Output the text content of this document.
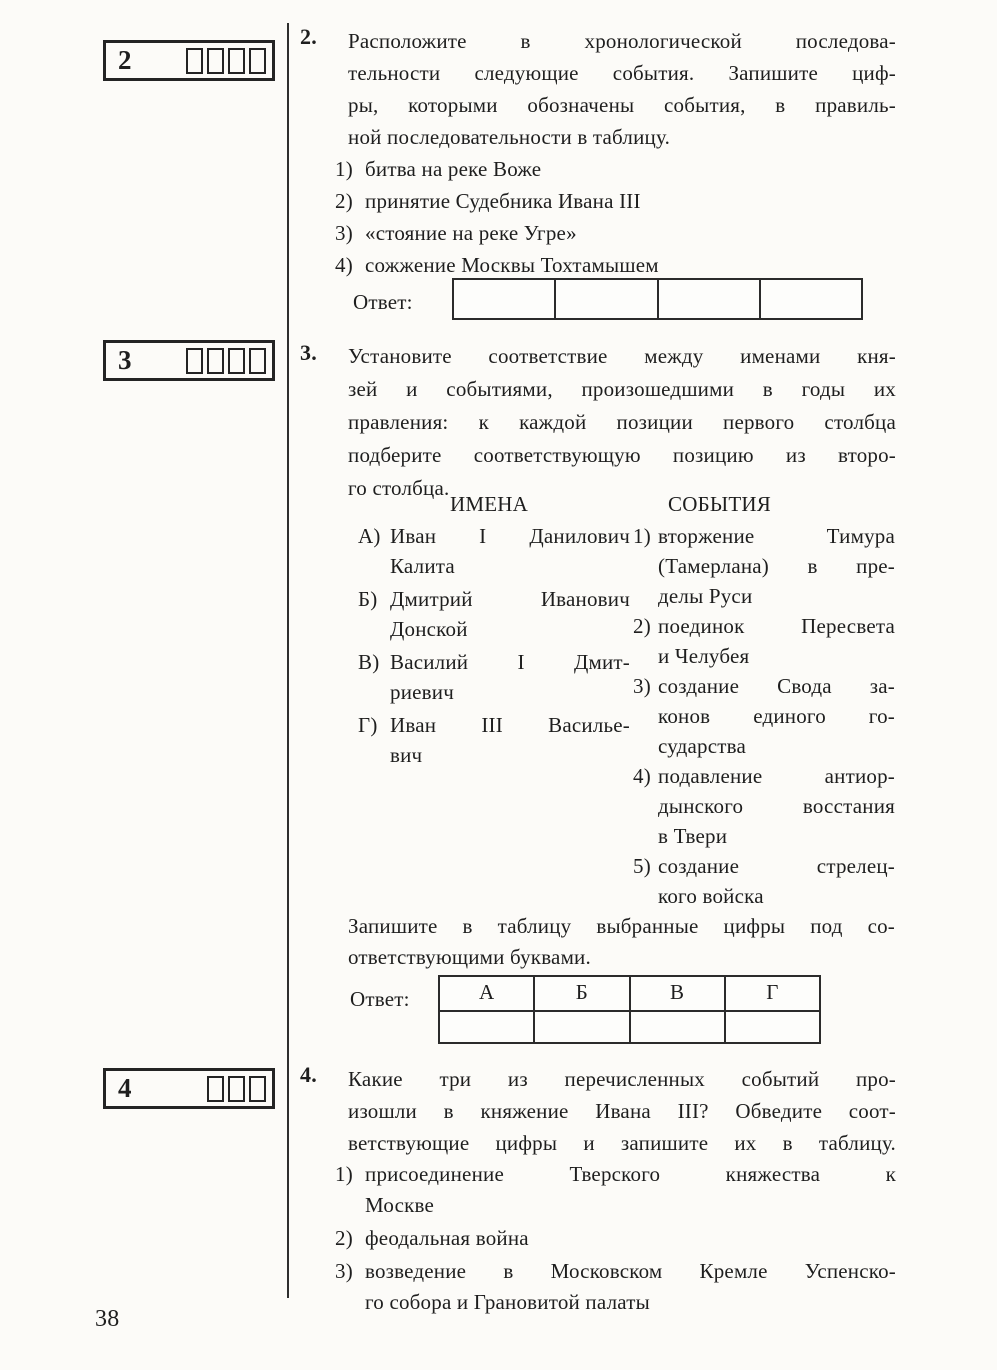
2
3
4
2.	Расположите в хронологической последова-
тельности следующие события. Запишите циф-
ры, которыми обозначены события, в правиль-
ной последовательности в таблицу.
1) битва на реке Воже
2) принятие Судебника Ивана III
3) «стояние на реке Угре»
4) сожжение Москвы Тохтамышем
Ответ:
3.	Установите соответствие между именами кня-
зей и событиями, произошедшими в годы их
правления: к каждой позиции первого столбца
подберите соответствующую позицию из второ-
го столбца.
ИМЕНА	СОБЫТИЯ
А) Иван I Данилович
Калита
Б) Дмитрий Иванович
Донской
В) Василий I Дмит-
риевич
Г) Иван III Василье-
вич
1) вторжение Тимура
(Тамерлана) в пре-
делы Руси
2) поединок Пересвета
и Челубея
3) создание Свода за-
конов единого го-
сударства
4) подавление антиор-
дынского восстания
в Твери
5) создание стрелец-
кого войска
Запишите в таблицу выбранные цифры под со-
ответствующими буквами.
Ответ:	А	Б	В	Г
4.	Какие три из перечисленных событий про-
изошли в княжение Ивана III? Обведите соот-
ветствующие цифры и запишите их в таблицу.
1) присоединение Тверского княжества к
Москве
2) феодальная война
3) возведение в Московском Кремле Успенско-
го собора и Грановитой палаты
38
